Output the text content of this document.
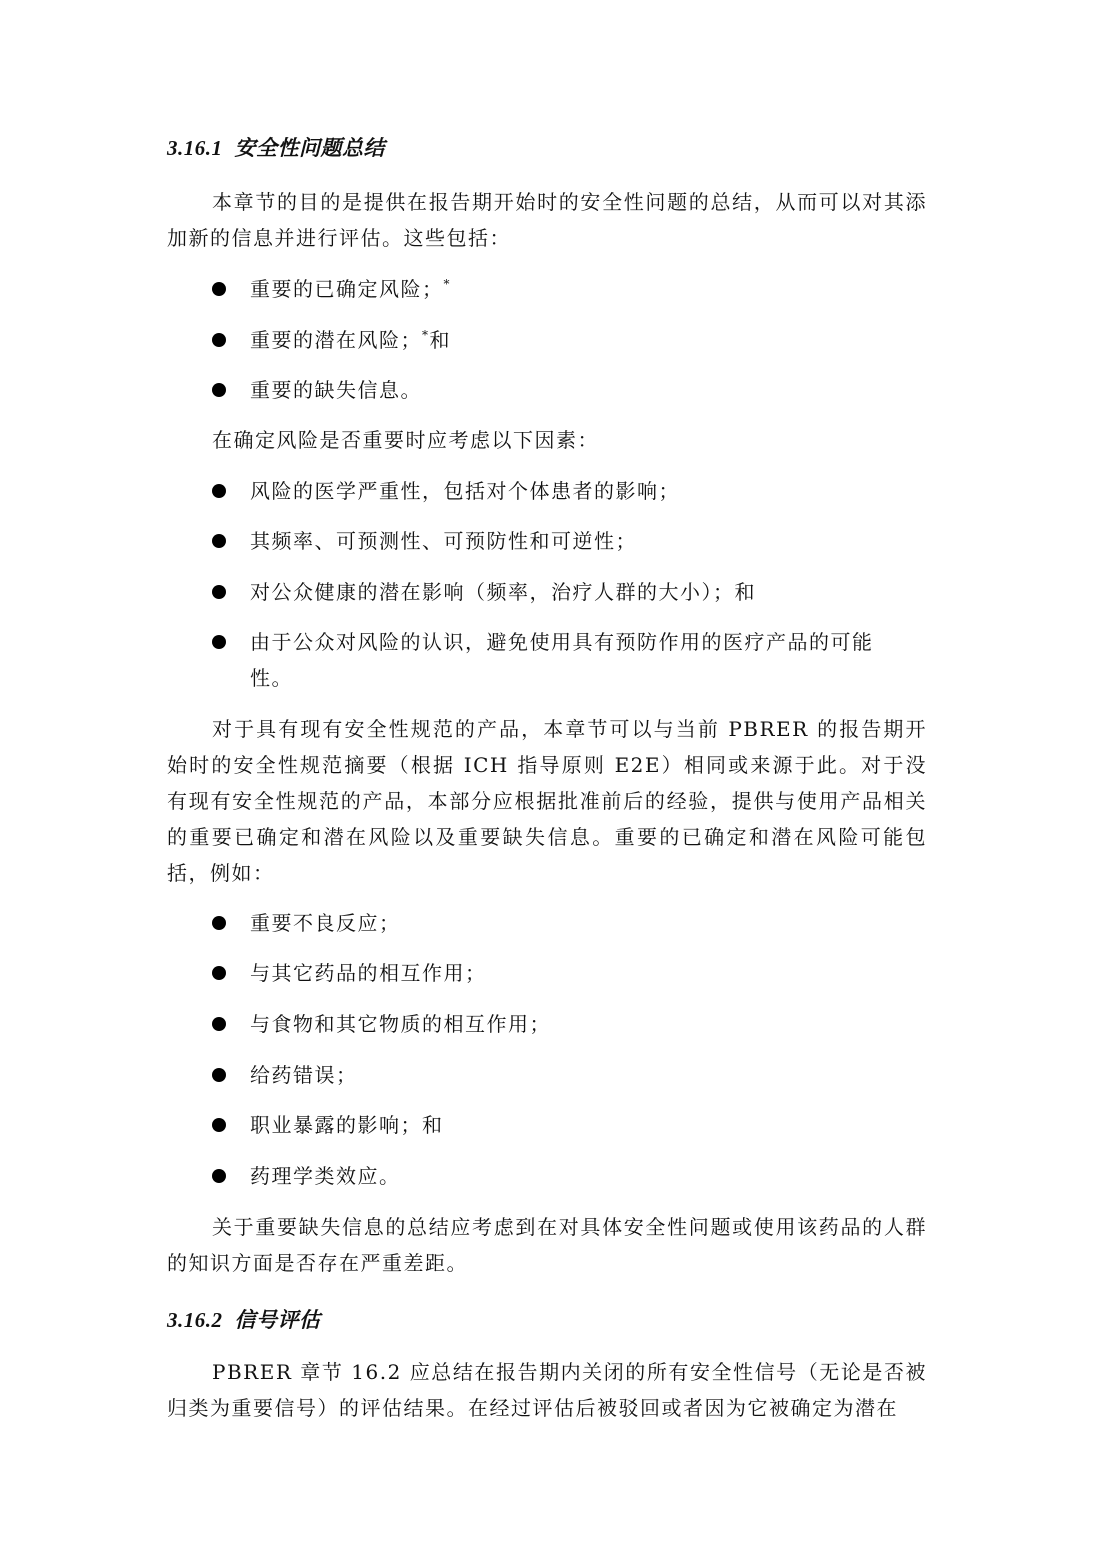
3.16.1 安全性问题总结

本章节的目的是提供在报告期开始时的安全性问题的总结，从而可以对其添加新的信息并进行评估。这些包括：

重要的已确定风险；*
重要的潜在风险；*和
重要的缺失信息。
在确定风险是否重要时应考虑以下因素：
风险的医学严重性，包括对个体患者的影响；
其频率、可预测性、可预防性和可逆性；
对公众健康的潜在影响（频率，治疗人群的大小）；和
由于公众对风险的认识，避免使用具有预防作用的医疗产品的可能性。

对于具有现有安全性规范的产品，本章节可以与当前 PBRER 的报告期开始时的安全性规范摘要（根据 ICH 指导原则 E2E）相同或来源于此。对于没有现有安全性规范的产品，本部分应根据批准前后的经验，提供与使用产品相关的重要已确定和潜在风险以及重要缺失信息。重要的已确定和潜在风险可能包括，例如：

重要不良反应；
与其它药品的相互作用；
与食物和其它物质的相互作用；
给药错误；
职业暴露的影响；和
药理学类效应。

关于重要缺失信息的总结应考虑到在对具体安全性问题或使用该药品的人群的知识方面是否存在严重差距。

3.16.2 信号评估

PBRER 章节 16.2 应总结在报告期内关闭的所有安全性信号（无论是否被归类为重要信号）的评估结果。在经过评估后被驳回或者因为它被确定为潜在
